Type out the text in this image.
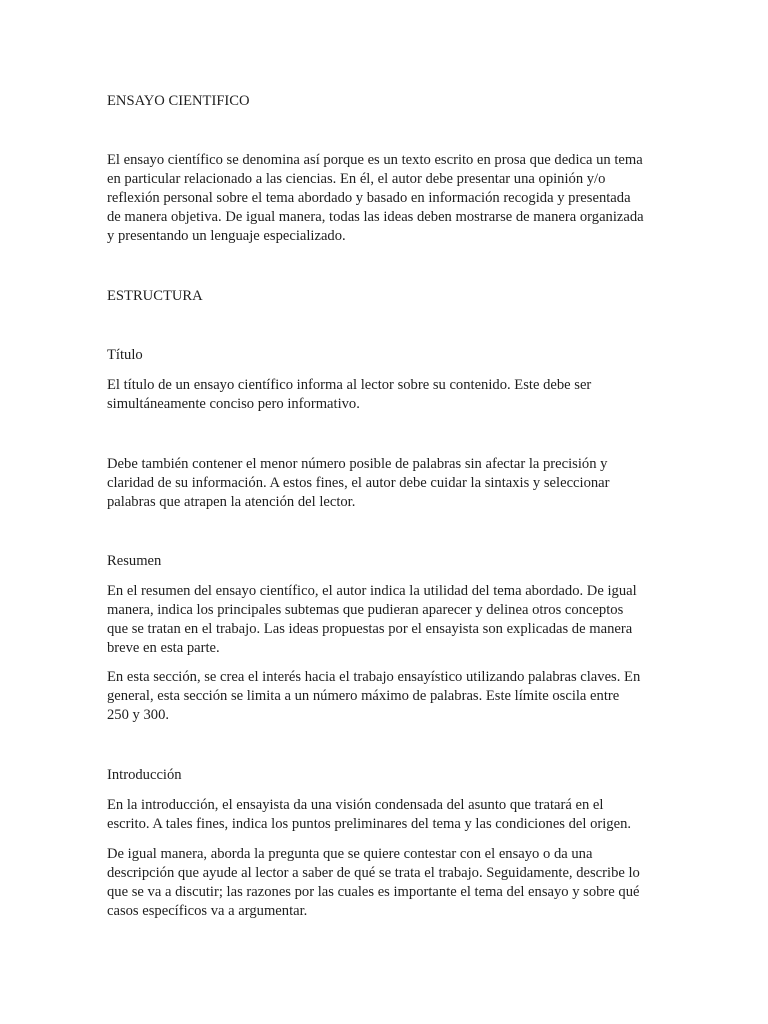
ENSAYO CIENTIFICO

El ensayo científico se denomina así porque es un texto escrito en prosa que dedica un tema
en particular relacionado a las ciencias. En él, el autor debe presentar una opinión y/o
reflexión personal sobre el tema abordado y basado en información recogida y presentada
de manera objetiva. De igual manera, todas las ideas deben mostrarse de manera organizada
y presentando un lenguaje especializado.

ESTRUCTURA

Título

El título de un ensayo científico informa al lector sobre su contenido. Este debe ser
simultáneamente conciso pero informativo.

Debe también contener el menor número posible de palabras sin afectar la precisión y
claridad de su información. A estos fines, el autor debe cuidar la sintaxis y seleccionar
palabras que atrapen la atención del lector.

Resumen

En el resumen del ensayo científico, el autor indica la utilidad del tema abordado. De igual
manera, indica los principales subtemas que pudieran aparecer y delinea otros conceptos
que se tratan en el trabajo. Las ideas propuestas por el ensayista son explicadas de manera
breve en esta parte.

En esta sección, se crea el interés hacia el trabajo ensayístico utilizando palabras claves. En
general, esta sección se limita a un número máximo de palabras. Este límite oscila entre
250 y 300.

Introducción

En la introducción, el ensayista da una visión condensada del asunto que tratará en el
escrito. A tales fines, indica los puntos preliminares del tema y las condiciones del origen.

De igual manera, aborda la pregunta que se quiere contestar con el ensayo o da una
descripción que ayude al lector a saber de qué se trata el trabajo. Seguidamente, describe lo
que se va a discutir; las razones por las cuales es importante el tema del ensayo y sobre qué
casos específicos va a argumentar.
